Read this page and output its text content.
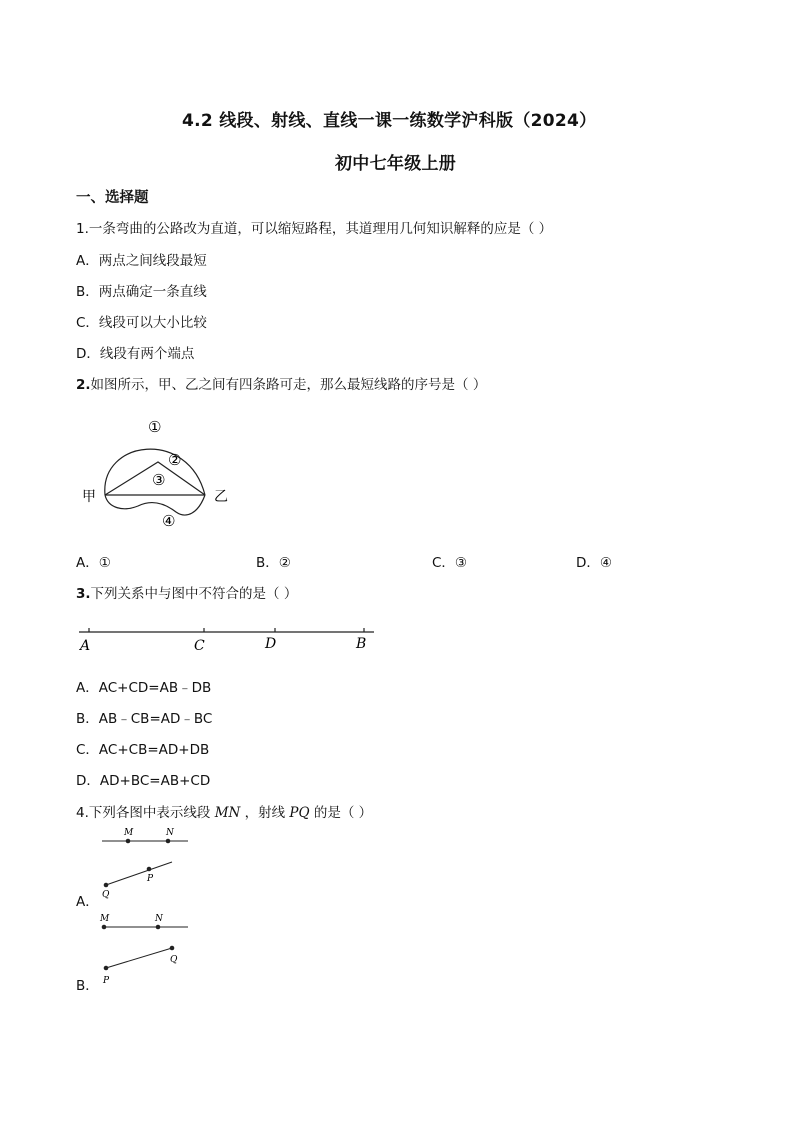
4.2 线段、射线、直线一课一练数学沪科版（2024）
初中七年级上册
一、选择题
1.一条弯曲的公路改为直道，可以缩短路程，其道理用几何知识解释的应是（ ）
A．两点之间线段最短
B．两点确定一条直线
C．线段可以大小比较
D．线段有两个端点
2.如图所示，甲、乙之间有四条路可走，那么最短线路的序号是（ ）
甲	乙
①
②
③
④
A．①	B．②	C．③	D．④
3.下列关系中与图中不符合的是（ ）
A	C	D	B
A．AC+CD=AB﹣DB
B．AB﹣CB=AD﹣BC
C．AC+CB=AD+DB
D．AD+BC=AB+CD
4.下列各图中表示线段 MN ，射线 PQ 的是（ ）
M	N
Q
P
A．
M	N
P
Q
B．
